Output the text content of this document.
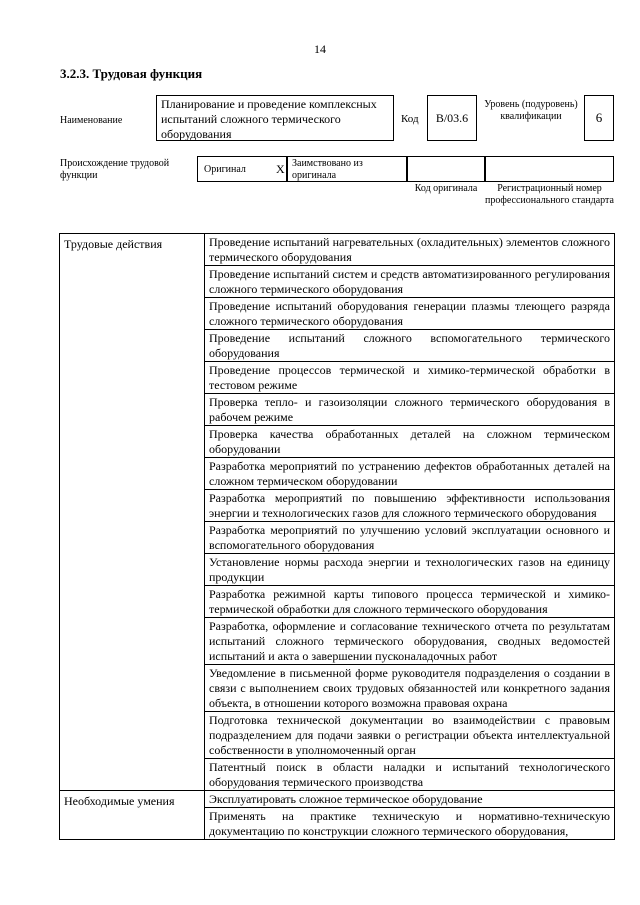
14
3.2.3. Трудовая функция
Наименование
Планирование и проведение комплексных испытаний сложного термического оборудования
Код	B/03.6
Уровень (подуровень) квалификации	6
Происхождение трудовой функции
Оригинал	X Заимствовано из оригинала
Код оригинала	Регистрационный номер профессионального стандарта
Трудовые действия	Проведение испытаний нагревательных (охладительных) элементов сложного термического оборудования
	Проведение испытаний систем и средств автоматизированного регулирования сложного термического оборудования
	Проведение испытаний оборудования генерации плазмы тлеющего разряда сложного термического оборудования
	Проведение испытаний сложного вспомогательного термического оборудования
	Проведение процессов термической и химико-термической обработки в тестовом режиме
	Проверка тепло- и газоизоляции сложного термического оборудования в рабочем режиме
	Проверка качества обработанных деталей на сложном термическом оборудовании
	Разработка мероприятий по устранению дефектов обработанных деталей на сложном термическом оборудовании
	Разработка мероприятий по повышению эффективности использования энергии и технологических газов для сложного термического оборудования
	Разработка мероприятий по улучшению условий эксплуатации основного и вспомогательного оборудования
	Установление нормы расхода энергии и технологических газов на единицу продукции
	Разработка режимной карты типового процесса термической и химико-термической обработки для сложного термического оборудования
	Разработка, оформление и согласование технического отчета по результатам испытаний сложного термического оборудования, сводных ведомостей испытаний и акта о завершении пусконаладочных работ
	Уведомление в письменной форме руководителя подразделения о создании в связи с выполнением своих трудовых обязанностей или конкретного задания объекта, в отношении которого возможна правовая охрана
	Подготовка технической документации во взаимодействии с правовым подразделением для подачи заявки о регистрации объекта интеллектуальной собственности в уполномоченный орган
	Патентный поиск в области наладки и испытаний технологического оборудования термического производства
Необходимые умения	Эксплуатировать сложное термическое оборудование
	Применять на практике техническую и нормативно-техническую документацию по конструкции сложного термического оборудования,
